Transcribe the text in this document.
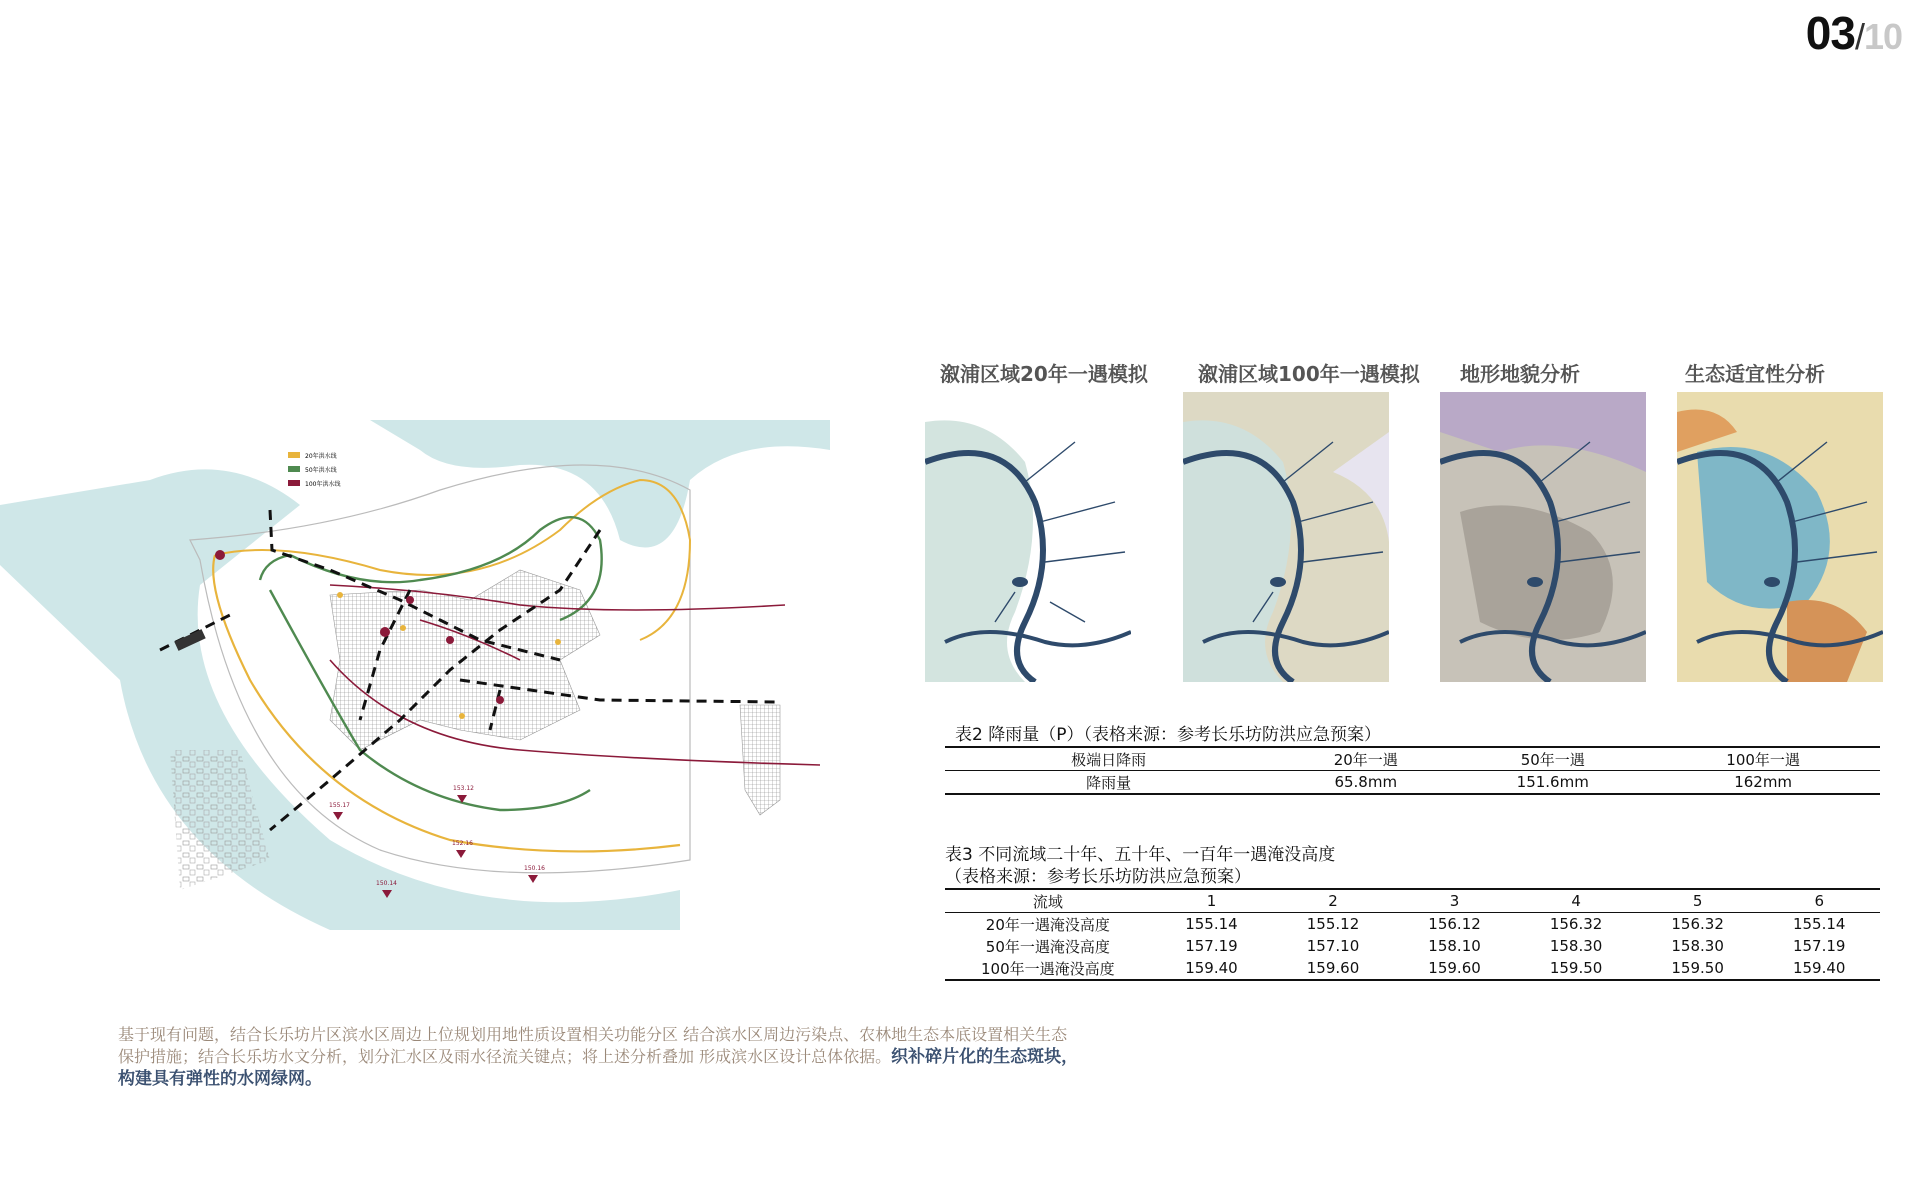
03/10
153.12
155.17
152.16
150.14
150.16
20年洪水线
50年洪水线
100年洪水线
溆浦区域20年一遇模拟	溆浦区域100年一遇模拟 地形地貌分析	生态适宜性分析
表2 降雨量（P）（表格来源：参考长乐坊防洪应急预案）
极端日降雨	20年一遇	50年一遇	100年一遇
降雨量	65.8mm	151.6mm	162mm
表3 不同流域二十年、五十年、一百年一遇淹没高度
（表格来源：参考长乐坊防洪应急预案）
流域	1	2	3	4	5	6
20年一遇淹没高度	155.14	155.12	156.12	156.32	156.32	155.14
50年一遇淹没高度	157.19	157.10	158.10	158.30	158.30	157.19
100年一遇淹没高度	159.40	159.60	159.60	159.50	159.50	159.40
基于现有问题，结合长乐坊片区滨水区周边上位规划用地性质设置相关功能分区 结合滨水区周边污染点、农林地生态本底设置相关生态
保护措施；结合长乐坊水文分析，划分汇水区及雨水径流关键点；将上述分析叠加 形成滨水区设计总体依据。织补碎片化的生态斑块，
构建具有弹性的水网绿网。
